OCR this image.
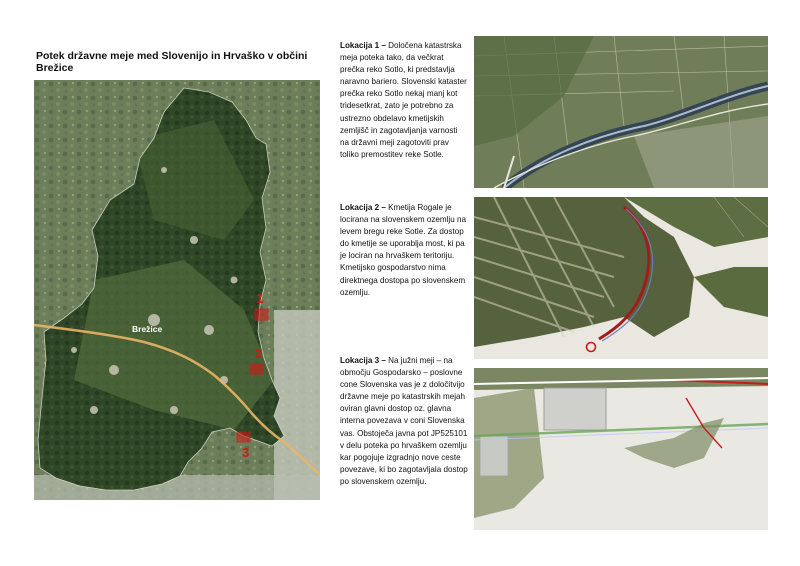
Potek državne meje med Slovenijo in Hrvaško v občini Brežice
1
2
3
Brežice
Lokacija 1 – Določena katastrska meja poteka tako, da večkrat prečka reko Sotlo, ki predstavlja naravno bariero. Slovenski kataster prečka reko Sotlo nekaj manj kot tridesetkrat, zato je potrebno za ustrezno obdelavo kmetijskih zemljišč in zagotavljanja varnosti na državni meji zagotoviti prav toliko premostitev reke Sotle.
Lokacija 2 – Kmetija Rogale je locirana na slovenskem ozemlju na levem bregu reke Sotle. Za dostop do kmetije se uporablja most, ki pa je lociran na hrvaškem teritoriju. Kmetijsko gospodarstvo nima direktnega dostopa po slovenskem ozemlju.
Lokacija 3 – Na južni meji – na območju Gospodarsko – poslovne cone Slovenska vas je z določitvijo državne meje po katastrskih mejah oviran glavni dostop oz. glavna interna povezava v coni Slovenska vas. Obstoječa javna pot JP525101 v delu poteka po hrvaškem ozemlju kar pogojuje izgradnjo nove ceste povezave, ki bo zagotavljala dostop po slovenskem ozemlju.
